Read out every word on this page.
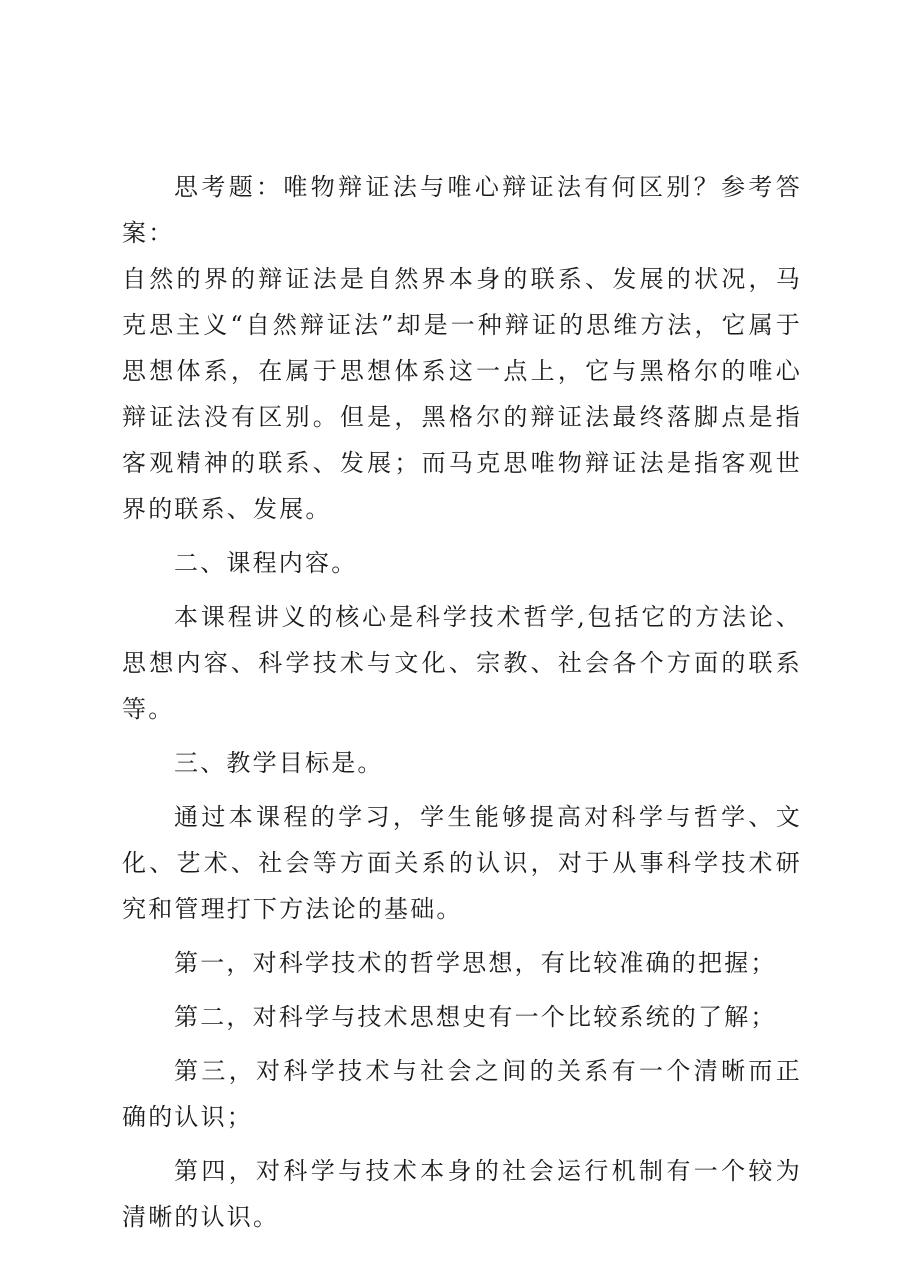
思考题：唯物辩证法与唯心辩证法有何区别？参考答案：

自然的界的辩证法是自然界本身的联系、发展的状况，马克思主义“自然辩证法”却是一种辩证的思维方法，它属于思想体系，在属于思想体系这一点上，它与黑格尔的唯心辩证法没有区别。但是，黑格尔的辩证法最终落脚点是指客观精神的联系、发展；而马克思唯物辩证法是指客观世界的联系、发展。

二、课程内容。

本课程讲义的核心是科学技术哲学,包括它的方法论、思想内容、科学技术与文化、宗教、社会各个方面的联系等。

三、教学目标是。

通过本课程的学习，学生能够提高对科学与哲学、文化、艺术、社会等方面关系的认识，对于从事科学技术研究和管理打下方法论的基础。

第一，对科学技术的哲学思想，有比较准确的把握；

第二，对科学与技术思想史有一个比较系统的了解；

第三，对科学技术与社会之间的关系有一个清晰而正确的认识；

第四，对科学与技术本身的社会运行机制有一个较为清晰的认识。
